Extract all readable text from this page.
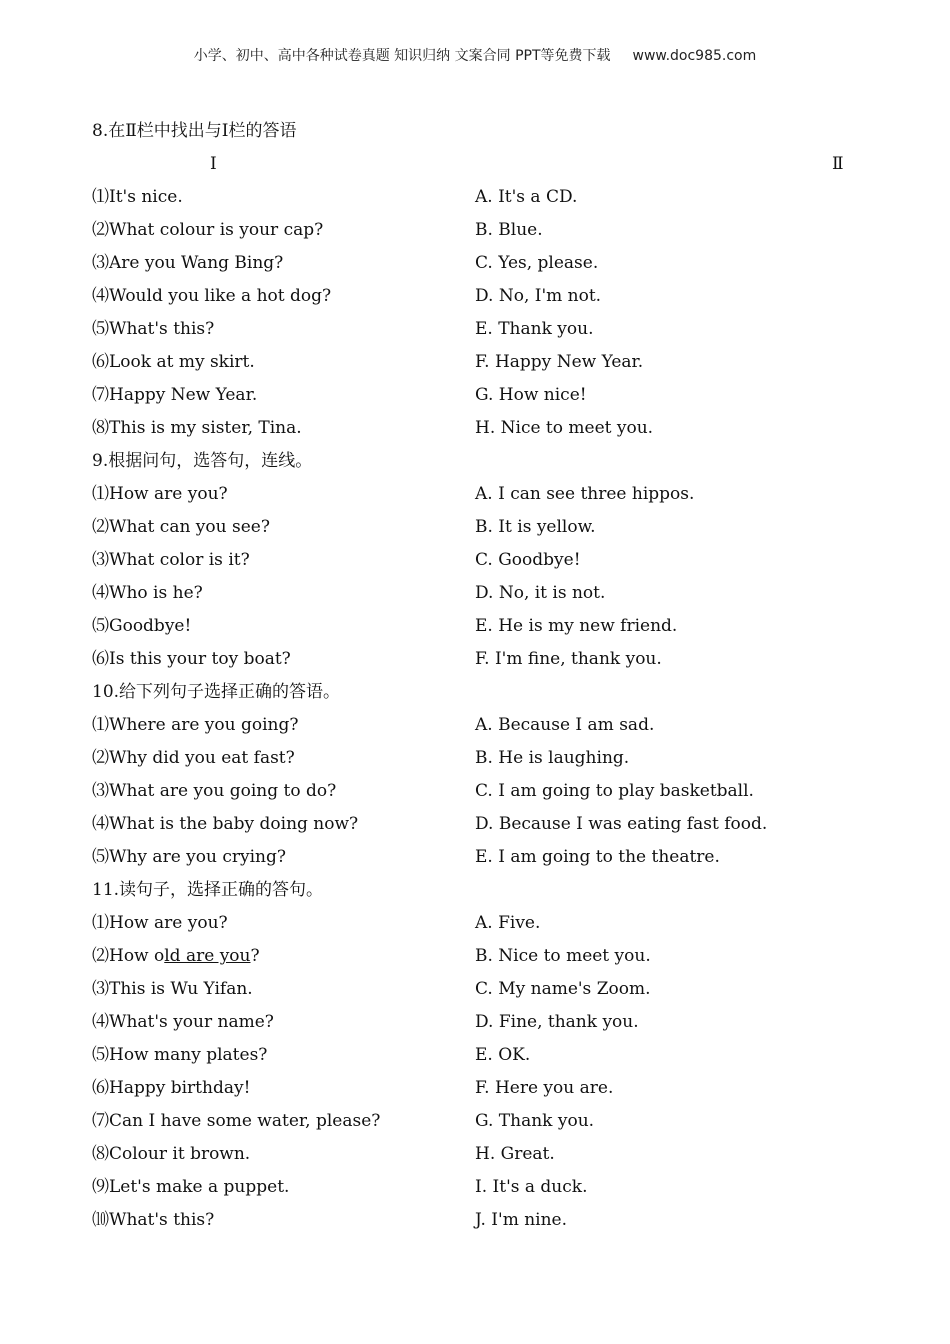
小学、初中、高中各种试卷真题 知识归纳 文案合同 PPT等免费下载 www.doc985.com
8.在Ⅱ栏中找出与Ⅰ栏的答语
Ⅰ	Ⅱ
⑴It's nice.	A. It's a CD.
⑵What colour is your cap?	B. Blue.
⑶Are you Wang Bing?	C. Yes, please.
⑷Would you like a hot dog?	D. No, I'm not.
⑸What's this?	E. Thank you.
⑹Look at my skirt.	F. Happy New Year.
⑺Happy New Year.	G. How nice!
⑻This is my sister, Tina.	H. Nice to meet you.
9.根据问句，选答句，连线。
⑴How are you?	A. I can see three hippos.
⑵What can you see?	B. It is yellow.
⑶What color is it?	C. Goodbye!
⑷Who is he?	D. No, it is not.
⑸Goodbye!	E. He is my new friend.
⑹Is this your toy boat?	F. I'm fine, thank you.
10.给下列句子选择正确的答语。
⑴Where are you going?	A. Because I am sad.
⑵Why did you eat fast?	B. He is laughing.
⑶What are you going to do?	C. I am going to play basketball.
⑷What is the baby doing now?	D. Because I was eating fast food.
⑸Why are you crying?	E. I am going to the theatre.
11.读句子，选择正确的答句。
⑴How are you?	A. Five.
⑵How old are you?	B. Nice to meet you.
⑶This is Wu Yifan.	C. My name's Zoom.
⑷What's your name?	D. Fine, thank you.
⑸How many plates?	E. OK.
⑹Happy birthday!	F. Here you are.
⑺Can I have some water, please?	G. Thank you.
⑻Colour it brown.	H. Great.
⑼Let's make a puppet.	I. It's a duck.
⑽What's this?	J. I'm nine.
